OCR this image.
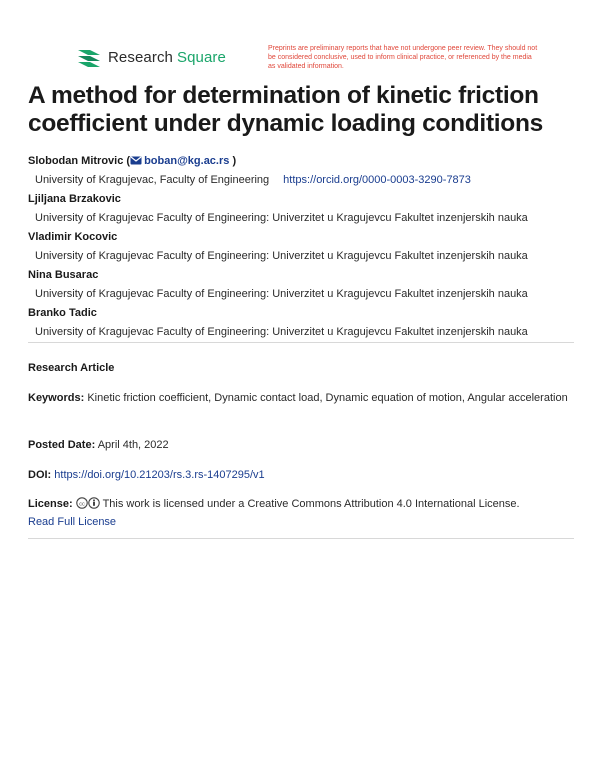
Research Square	Preprints are preliminary reports that have not undergone peer review. They should not be considered conclusive, used to inform clinical practice, or referenced by the media as validated information.
A method for determination of kinetic friction coefficient under dynamic loading conditions
Slobodan Mitrovic ( boban@kg.ac.rs )
University of Kragujevac, Faculty of Engineering https://orcid.org/0000-0003-3290-7873
Ljiljana Brzakovic
University of Kragujevac Faculty of Engineering: Univerzitet u Kragujevcu Fakultet inzenjerskih nauka
Vladimir Kocovic
University of Kragujevac Faculty of Engineering: Univerzitet u Kragujevcu Fakultet inzenjerskih nauka
Nina Busarac
University of Kragujevac Faculty of Engineering: Univerzitet u Kragujevcu Fakultet inzenjerskih nauka
Branko Tadic
University of Kragujevac Faculty of Engineering: Univerzitet u Kragujevcu Fakultet inzenjerskih nauka
Research Article
Keywords: Kinetic friction coefficient, Dynamic contact load, Dynamic equation of motion, Angular acceleration
Posted Date: April 4th, 2022
DOI: https://doi.org/10.21203/rs.3.rs-1407295/v1
License: cc This work is licensed under a Creative Commons Attribution 4.0 International License.
Read Full License
